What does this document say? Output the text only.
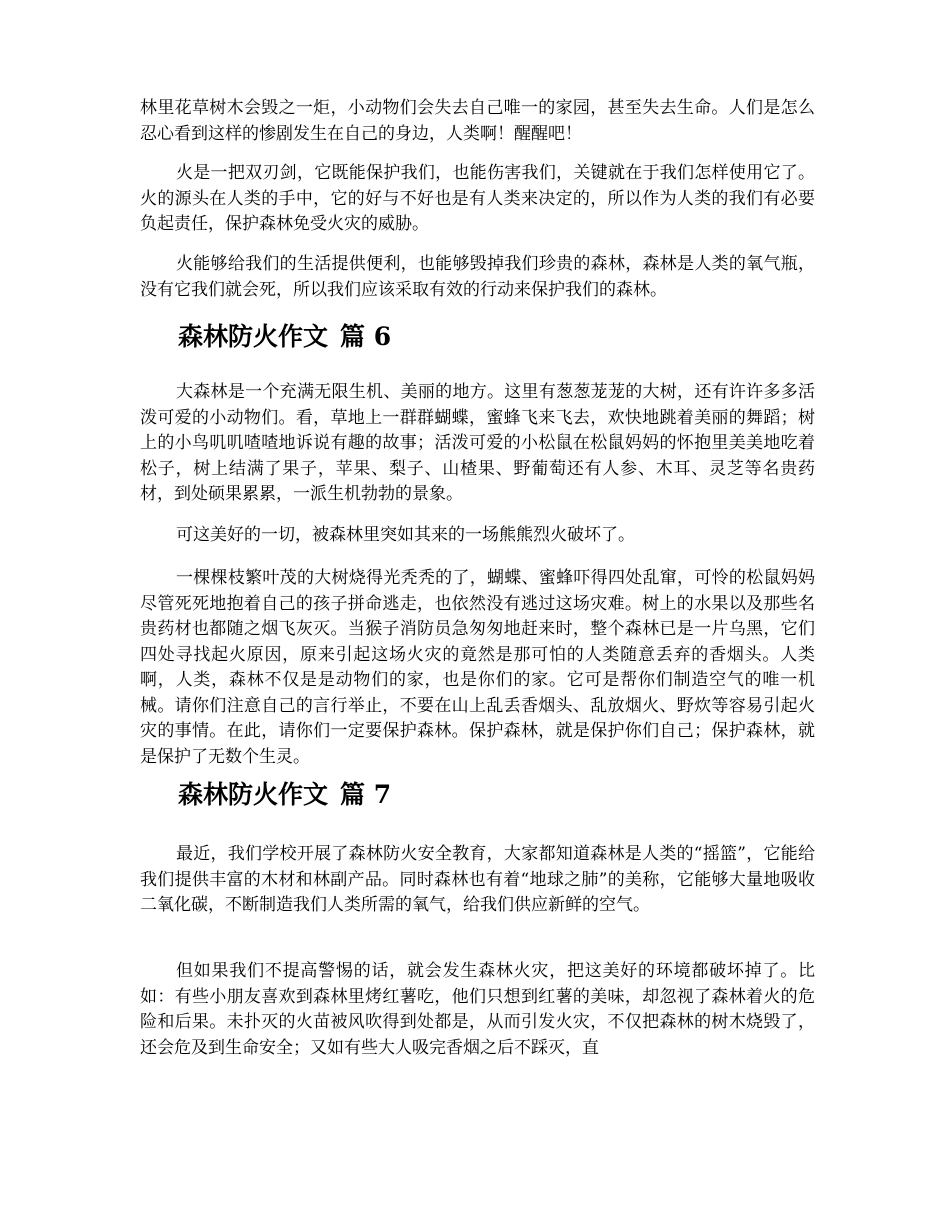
林里花草树木会毁之一炬，小动物们会失去自己唯一的家园，甚至失去生命。人们是怎么忍心看到这样的惨剧发生在自己的身边，人类啊！醒醒吧！

火是一把双刃剑，它既能保护我们，也能伤害我们，关键就在于我们怎样使用它了。火的源头在人类的手中，它的好与不好也是有人类来决定的，所以作为人类的我们有必要负起责任，保护森林免受火灾的威胁。

火能够给我们的生活提供便利，也能够毁掉我们珍贵的森林，森林是人类的氧气瓶，没有它我们就会死，所以我们应该采取有效的行动来保护我们的森林。

森林防火作文 篇 6

大森林是一个充满无限生机、美丽的地方。这里有葱葱茏茏的大树，还有许许多多活泼可爱的小动物们。看，草地上一群群蝴蝶，蜜蜂飞来飞去，欢快地跳着美丽的舞蹈；树上的小鸟叽叽喳喳地诉说有趣的故事；活泼可爱的小松鼠在松鼠妈妈的怀抱里美美地吃着松子，树上结满了果子，苹果、梨子、山楂果、野葡萄还有人参、木耳、灵芝等名贵药材，到处硕果累累，一派生机勃勃的景象。

可这美好的一切，被森林里突如其来的一场熊熊烈火破坏了。

一棵棵枝繁叶茂的大树烧得光秃秃的了，蝴蝶、蜜蜂吓得四处乱窜，可怜的松鼠妈妈尽管死死地抱着自己的孩子拼命逃走，也依然没有逃过这场灾难。树上的水果以及那些名贵药材也都随之烟飞灰灭。当猴子消防员急匆匆地赶来时，整个森林已是一片乌黑，它们四处寻找起火原因，原来引起这场火灾的竟然是那可怕的人类随意丢弃的香烟头。人类啊，人类，森林不仅是是动物们的家，也是你们的家。它可是帮你们制造空气的唯一机械。请你们注意自己的言行举止，不要在山上乱丢香烟头、乱放烟火、野炊等容易引起火灾的事情。在此，请你们一定要保护森林。保护森林，就是保护你们自己；保护森林，就是保护了无数个生灵。

森林防火作文 篇 7

最近，我们学校开展了森林防火安全教育，大家都知道森林是人类的“摇篮”，它能给我们提供丰富的木材和林副产品。同时森林也有着“地球之肺”的美称，它能够大量地吸收二氧化碳，不断制造我们人类所需的氧气，给我们供应新鲜的空气。

但如果我们不提高警惕的话，就会发生森林火灾，把这美好的环境都破坏掉了。比如：有些小朋友喜欢到森林里烤红薯吃，他们只想到红薯的美味，却忽视了森林着火的危险和后果。未扑灭的火苗被风吹得到处都是，从而引发火灾，不仅把森林的树木烧毁了，还会危及到生命安全；又如有些大人吸完香烟之后不踩灭，直
